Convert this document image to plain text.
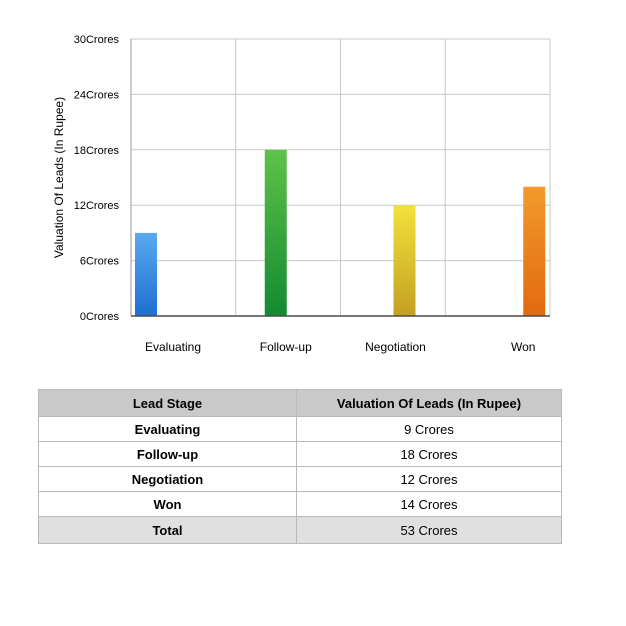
0Crores
6Crores
12Crores
18Crores
24Crores
30Crores
Evaluating	Follow-up	Negotiation	Won
Valuation Of Leads (In Rupee)
Lead Stage	Valuation Of Leads (In Rupee)
Evaluating	9 Crores
Follow-up	18 Crores
Negotiation	12 Crores
Won	14 Crores
Total	53 Crores
